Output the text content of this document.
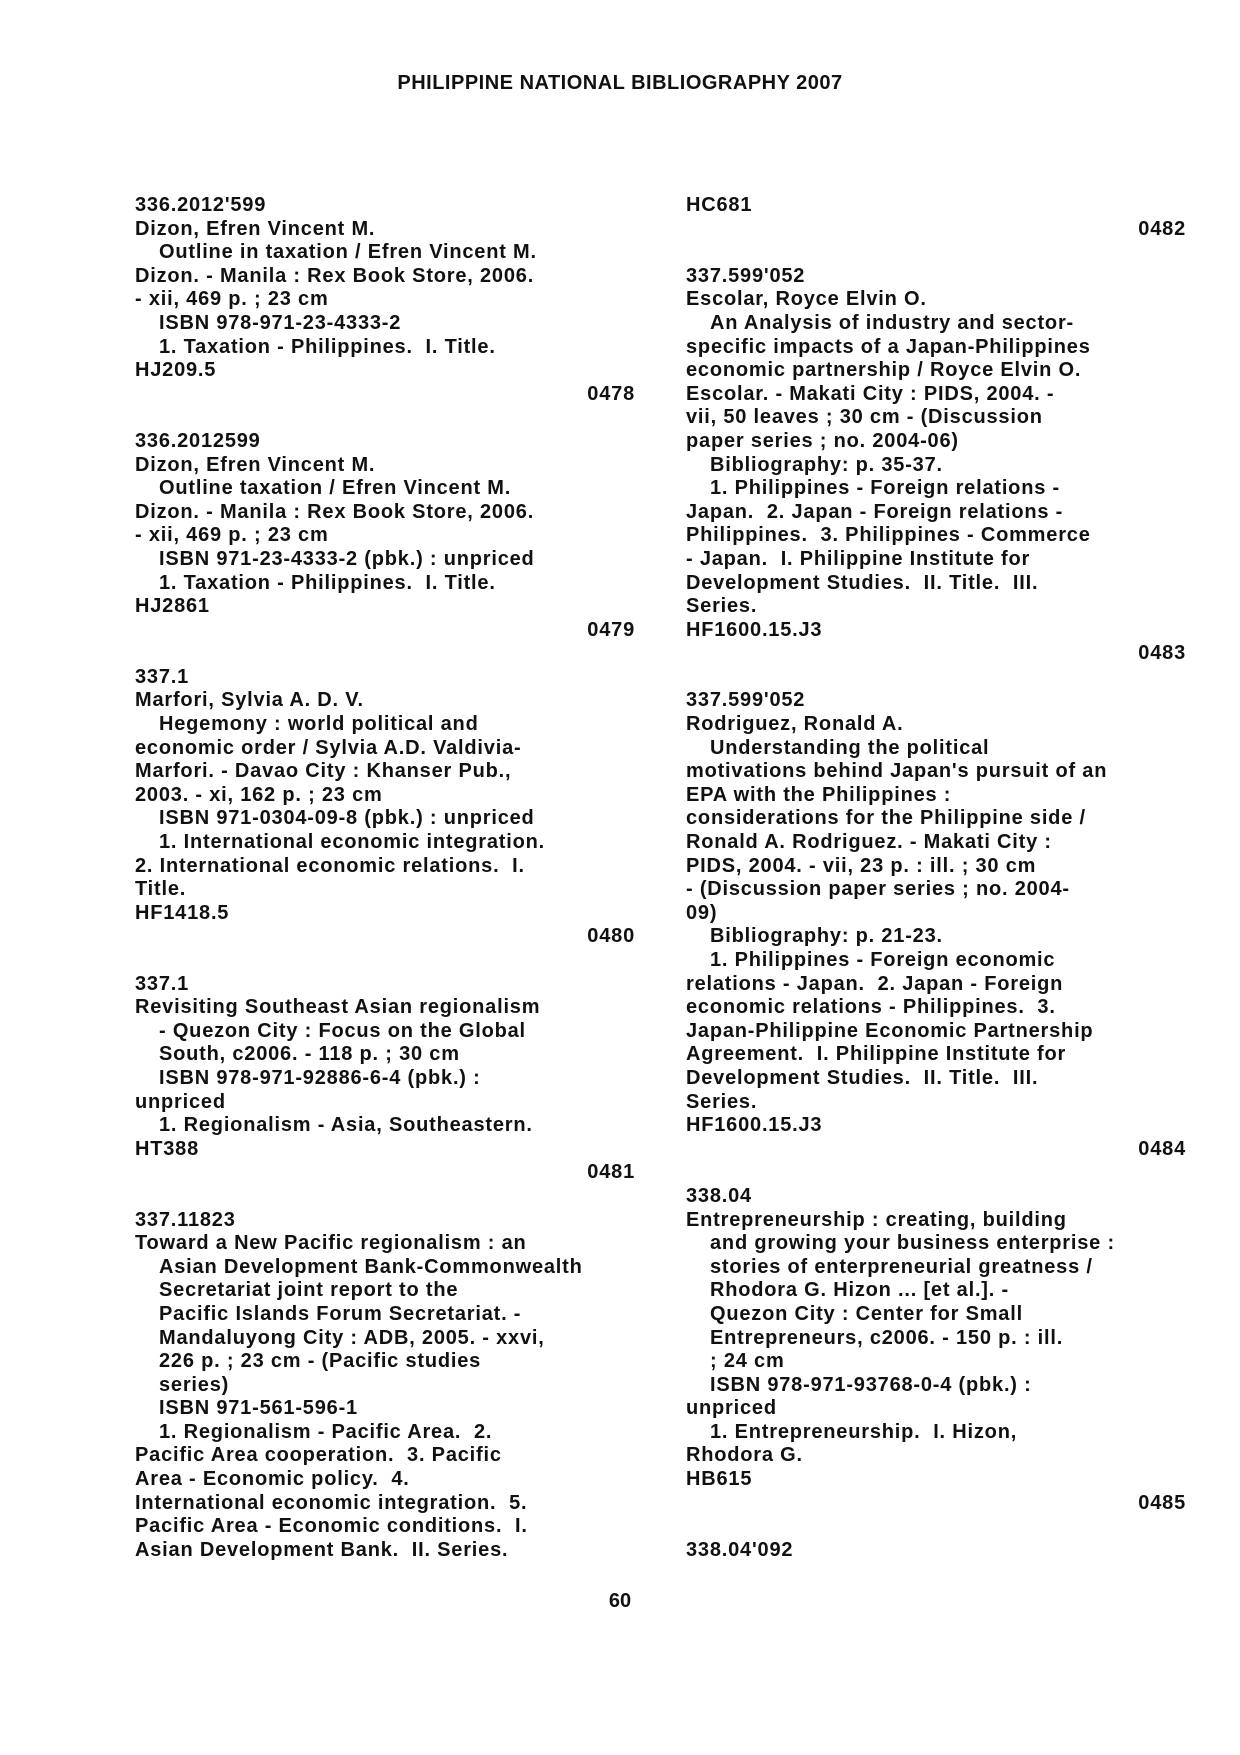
PHILIPPINE NATIONAL BIBLIOGRAPHY 2007
336.2012'599
Dizon, Efren Vincent M.
Outline in taxation / Efren Vincent M.
Dizon. - Manila : Rex Book Store, 2006.
- xii, 469 p. ; 23 cm
ISBN 978-971-23-4333-2
1. Taxation - Philippines.  I. Title.
HJ209.5
0478
336.2012599
Dizon, Efren Vincent M.
Outline taxation / Efren Vincent M.
Dizon. - Manila : Rex Book Store, 2006.
- xii, 469 p. ; 23 cm
ISBN 971-23-4333-2 (pbk.) : unpriced
1. Taxation - Philippines.  I. Title.
HJ2861
0479
337.1
Marfori, Sylvia A. D. V.
Hegemony : world political and
economic order / Sylvia A.D. Valdivia-
Marfori. - Davao City : Khanser Pub.,
2003. - xi, 162 p. ; 23 cm
ISBN 971-0304-09-8 (pbk.) : unpriced
1. International economic integration.
2. International economic relations.  I.
Title.
HF1418.5
0480
337.1
Revisiting Southeast Asian regionalism
- Quezon City : Focus on the Global
South, c2006. - 118 p. ; 30 cm
ISBN 978-971-92886-6-4 (pbk.) :
unpriced
1. Regionalism - Asia, Southeastern.
HT388
0481
337.11823
Toward a New Pacific regionalism : an
Asian Development Bank-Commonwealth
Secretariat joint report to the
Pacific Islands Forum Secretariat. -
Mandaluyong City : ADB, 2005. - xxvi,
226 p. ; 23 cm - (Pacific studies
series)
ISBN 971-561-596-1
1. Regionalism - Pacific Area.  2.
Pacific Area cooperation.  3. Pacific
Area - Economic policy.  4.
International economic integration.  5.
Pacific Area - Economic conditions.  I.
Asian Development Bank.  II. Series.
HC681
0482
337.599'052
Escolar, Royce Elvin O.
An Analysis of industry and sector-
specific impacts of a Japan-Philippines
economic partnership / Royce Elvin O.
Escolar. - Makati City : PIDS, 2004. -
vii, 50 leaves ; 30 cm - (Discussion
paper series ; no. 2004-06)
Bibliography: p. 35-37.
1. Philippines - Foreign relations -
Japan.  2. Japan - Foreign relations -
Philippines.  3. Philippines - Commerce
- Japan.  I. Philippine Institute for
Development Studies.  II. Title.  III.
Series.
HF1600.15.J3
0483
337.599'052
Rodriguez, Ronald A.
Understanding the political
motivations behind Japan's pursuit of an
EPA with the Philippines :
considerations for the Philippine side /
Ronald A. Rodriguez. - Makati City :
PIDS, 2004. - vii, 23 p. : ill. ; 30 cm
- (Discussion paper series ; no. 2004-
09)
Bibliography: p. 21-23.
1. Philippines - Foreign economic
relations - Japan.  2. Japan - Foreign
economic relations - Philippines.  3.
Japan-Philippine Economic Partnership
Agreement.  I. Philippine Institute for
Development Studies.  II. Title.  III.
Series.
HF1600.15.J3
0484
338.04
Entrepreneurship : creating, building
and growing your business enterprise :
stories of enterpreneurial greatness /
Rhodora G. Hizon ... [et al.]. -
Quezon City : Center for Small
Entrepreneurs, c2006. - 150 p. : ill.
; 24 cm
ISBN 978-971-93768-0-4 (pbk.) :
unpriced
1. Entrepreneurship.  I. Hizon,
Rhodora G.
HB615
0485
338.04'092
60
